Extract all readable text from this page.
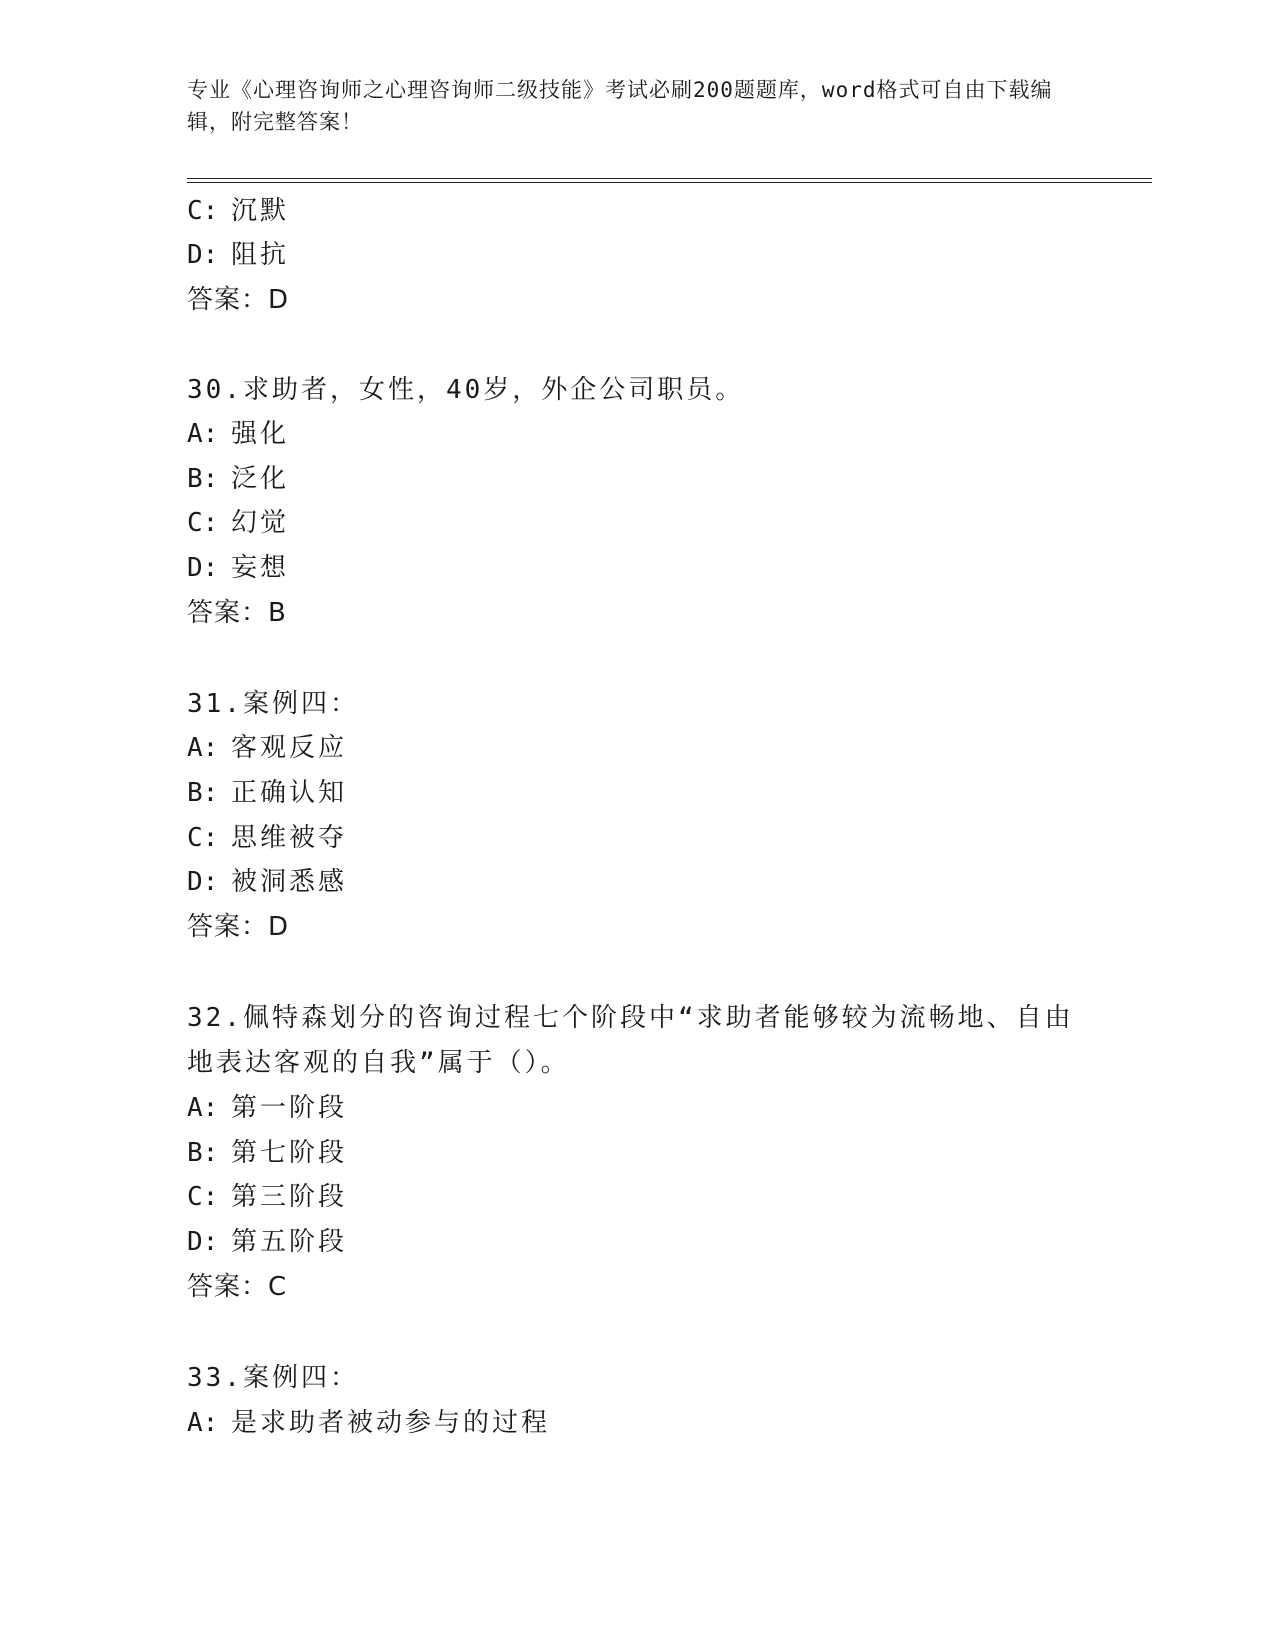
专业《心理咨询师之心理咨询师二级技能》考试必刷200题题库，word格式可自由下载编辑，附完整答案！

C: 沉默

D: 阻抗

答案：D

30.求助者，女性，40岁，外企公司职员。

A: 强化

B: 泛化

C: 幻觉

D: 妄想

答案：B

31.案例四：

A: 客观反应

B: 正确认知

C: 思维被夺

D: 被洞悉感

答案：D

32.佩特森划分的咨询过程七个阶段中“求助者能够较为流畅地、自由

地表达客观的自我”属于（）。

A: 第一阶段

B: 第七阶段

C: 第三阶段

D: 第五阶段

答案：C

33.案例四：

A: 是求助者被动参与的过程
